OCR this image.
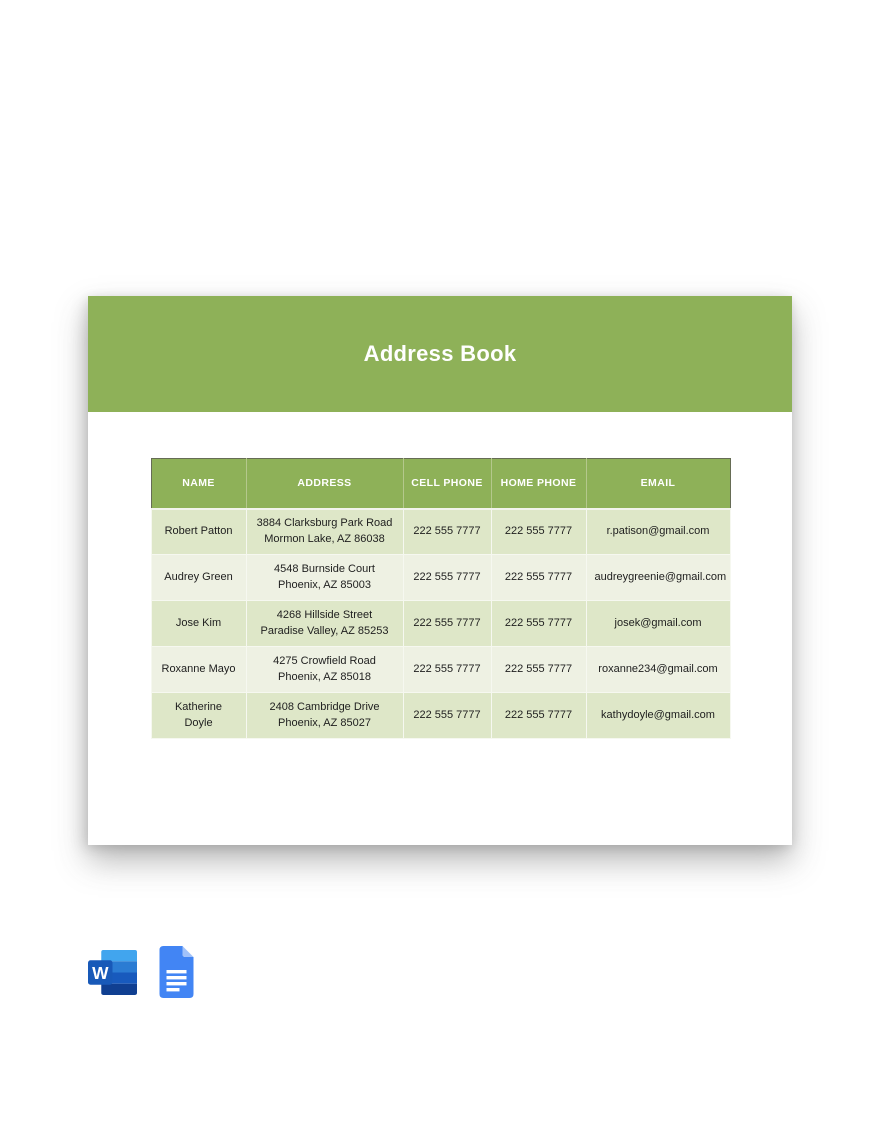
Address Book
NAME	ADDRESS	CELL PHONE	HOME PHONE	EMAIL
Robert Patton	3884 Clarksburg Park Road Mormon Lake, AZ 86038	222 555 7777	222 555 7777	r.patison@gmail.com
Audrey Green	4548 Burnside Court Phoenix, AZ 85003	222 555 7777	222 555 7777	audreygreenie@gmail.com
Jose Kim	4268 Hillside Street Paradise Valley, AZ 85253	222 555 7777	222 555 7777	josek@gmail.com
Roxanne Mayo	4275 Crowfield Road Phoenix, AZ 85018	222 555 7777	222 555 7777	roxanne234@gmail.com
Katherine Doyle	2408 Cambridge Drive Phoenix, AZ 85027	222 555 7777	222 555 7777	kathydoyle@gmail.com
W
